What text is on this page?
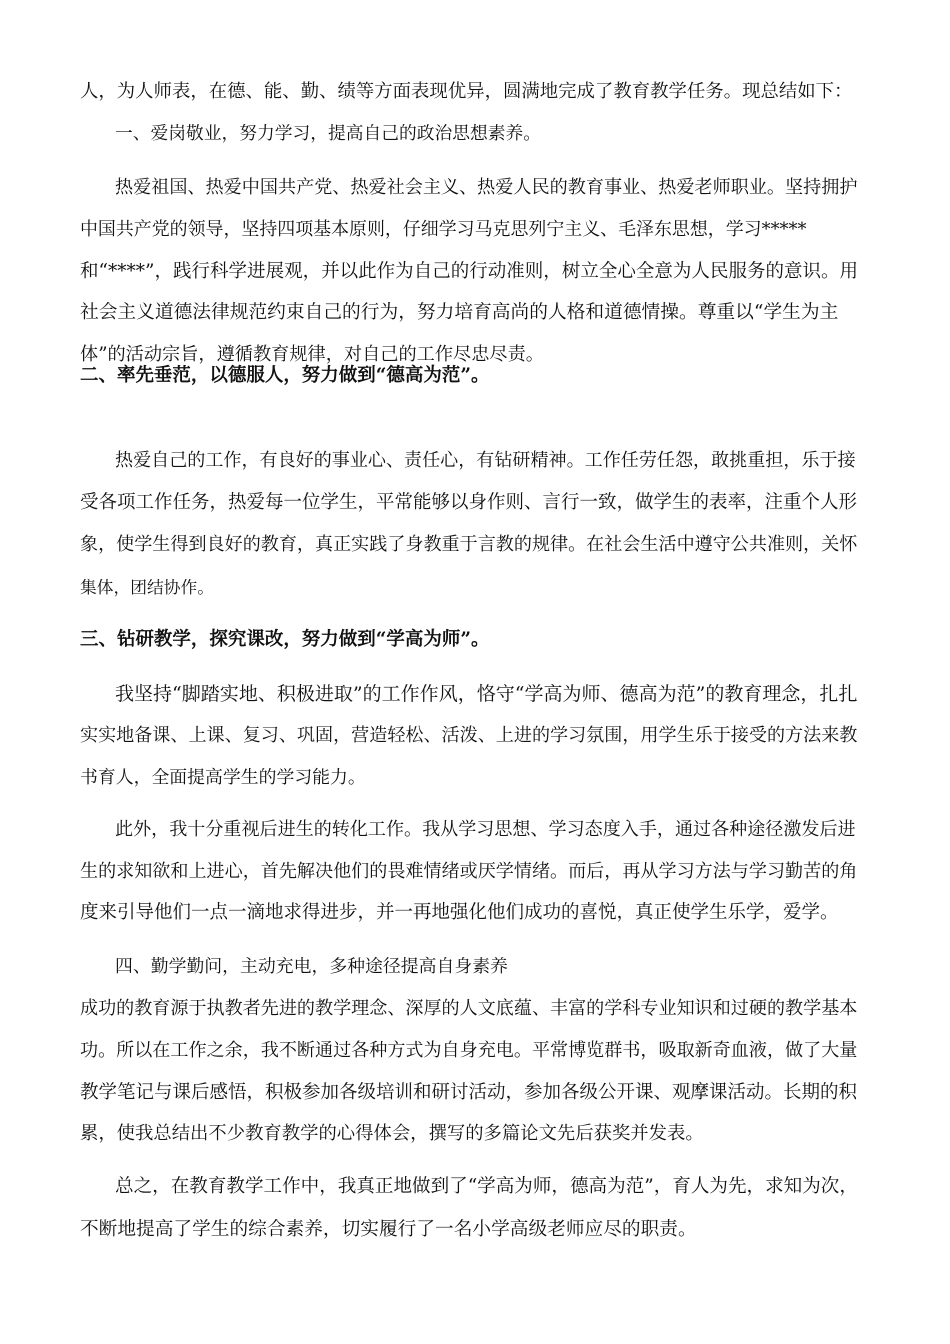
人，为人师表，在德、能、勤、绩等方面表现优异，圆满地完成了教育教学任务。现总结如下：
一、爱岗敬业，努力学习，提高自己的政治思想素养。
热爱祖国、热爱中国共产党、热爱社会主义、热爱人民的教育事业、热爱老师职业。坚持拥护
中国共产党的领导，坚持四项基本原则，仔细学习马克思列宁主义、毛泽东思想，学习*****
和“****”，践行科学进展观，并以此作为自己的行动准则，树立全心全意为人民服务的意识。用
社会主义道德法律规范约束自己的行为，努力培育高尚的人格和道德情操。尊重以“学生为主
体”的活动宗旨，遵循教育规律，对自己的工作尽忠尽责。
二、率先垂范，以德服人，努力做到“德高为范”。
热爱自己的工作，有良好的事业心、责任心，有钻研精神。工作任劳任怨，敢挑重担，乐于接
受各项工作任务，热爱每一位学生，平常能够以身作则、言行一致，做学生的表率，注重个人形
象，使学生得到良好的教育，真正实践了身教重于言教的规律。在社会生活中遵守公共准则，关怀
集体，团结协作。
三、钻研教学，探究课改，努力做到“学高为师”。
我坚持“脚踏实地、积极进取”的工作作风，恪守“学高为师、德高为范”的教育理念，扎扎
实实地备课、上课、复习、巩固，营造轻松、活泼、上进的学习氛围，用学生乐于接受的方法来教
书育人，全面提高学生的学习能力。
此外，我十分重视后进生的转化工作。我从学习思想、学习态度入手，通过各种途径激发后进
生的求知欲和上进心，首先解决他们的畏难情绪或厌学情绪。而后，再从学习方法与学习勤苦的角
度来引导他们一点一滴地求得进步，并一再地强化他们成功的喜悦，真正使学生乐学，爱学。
四、勤学勤问，主动充电，多种途径提高自身素养
成功的教育源于执教者先进的教学理念、深厚的人文底蕴、丰富的学科专业知识和过硬的教学基本
功。所以在工作之余，我不断通过各种方式为自身充电。平常博览群书，吸取新奇血液，做了大量
教学笔记与课后感悟，积极参加各级培训和研讨活动，参加各级公开课、观摩课活动。长期的积
累，使我总结出不少教育教学的心得体会，撰写的多篇论文先后获奖并发表。
总之，在教育教学工作中，我真正地做到了“学高为师，德高为范”，育人为先，求知为次，
不断地提高了学生的综合素养，切实履行了一名小学高级老师应尽的职责。
